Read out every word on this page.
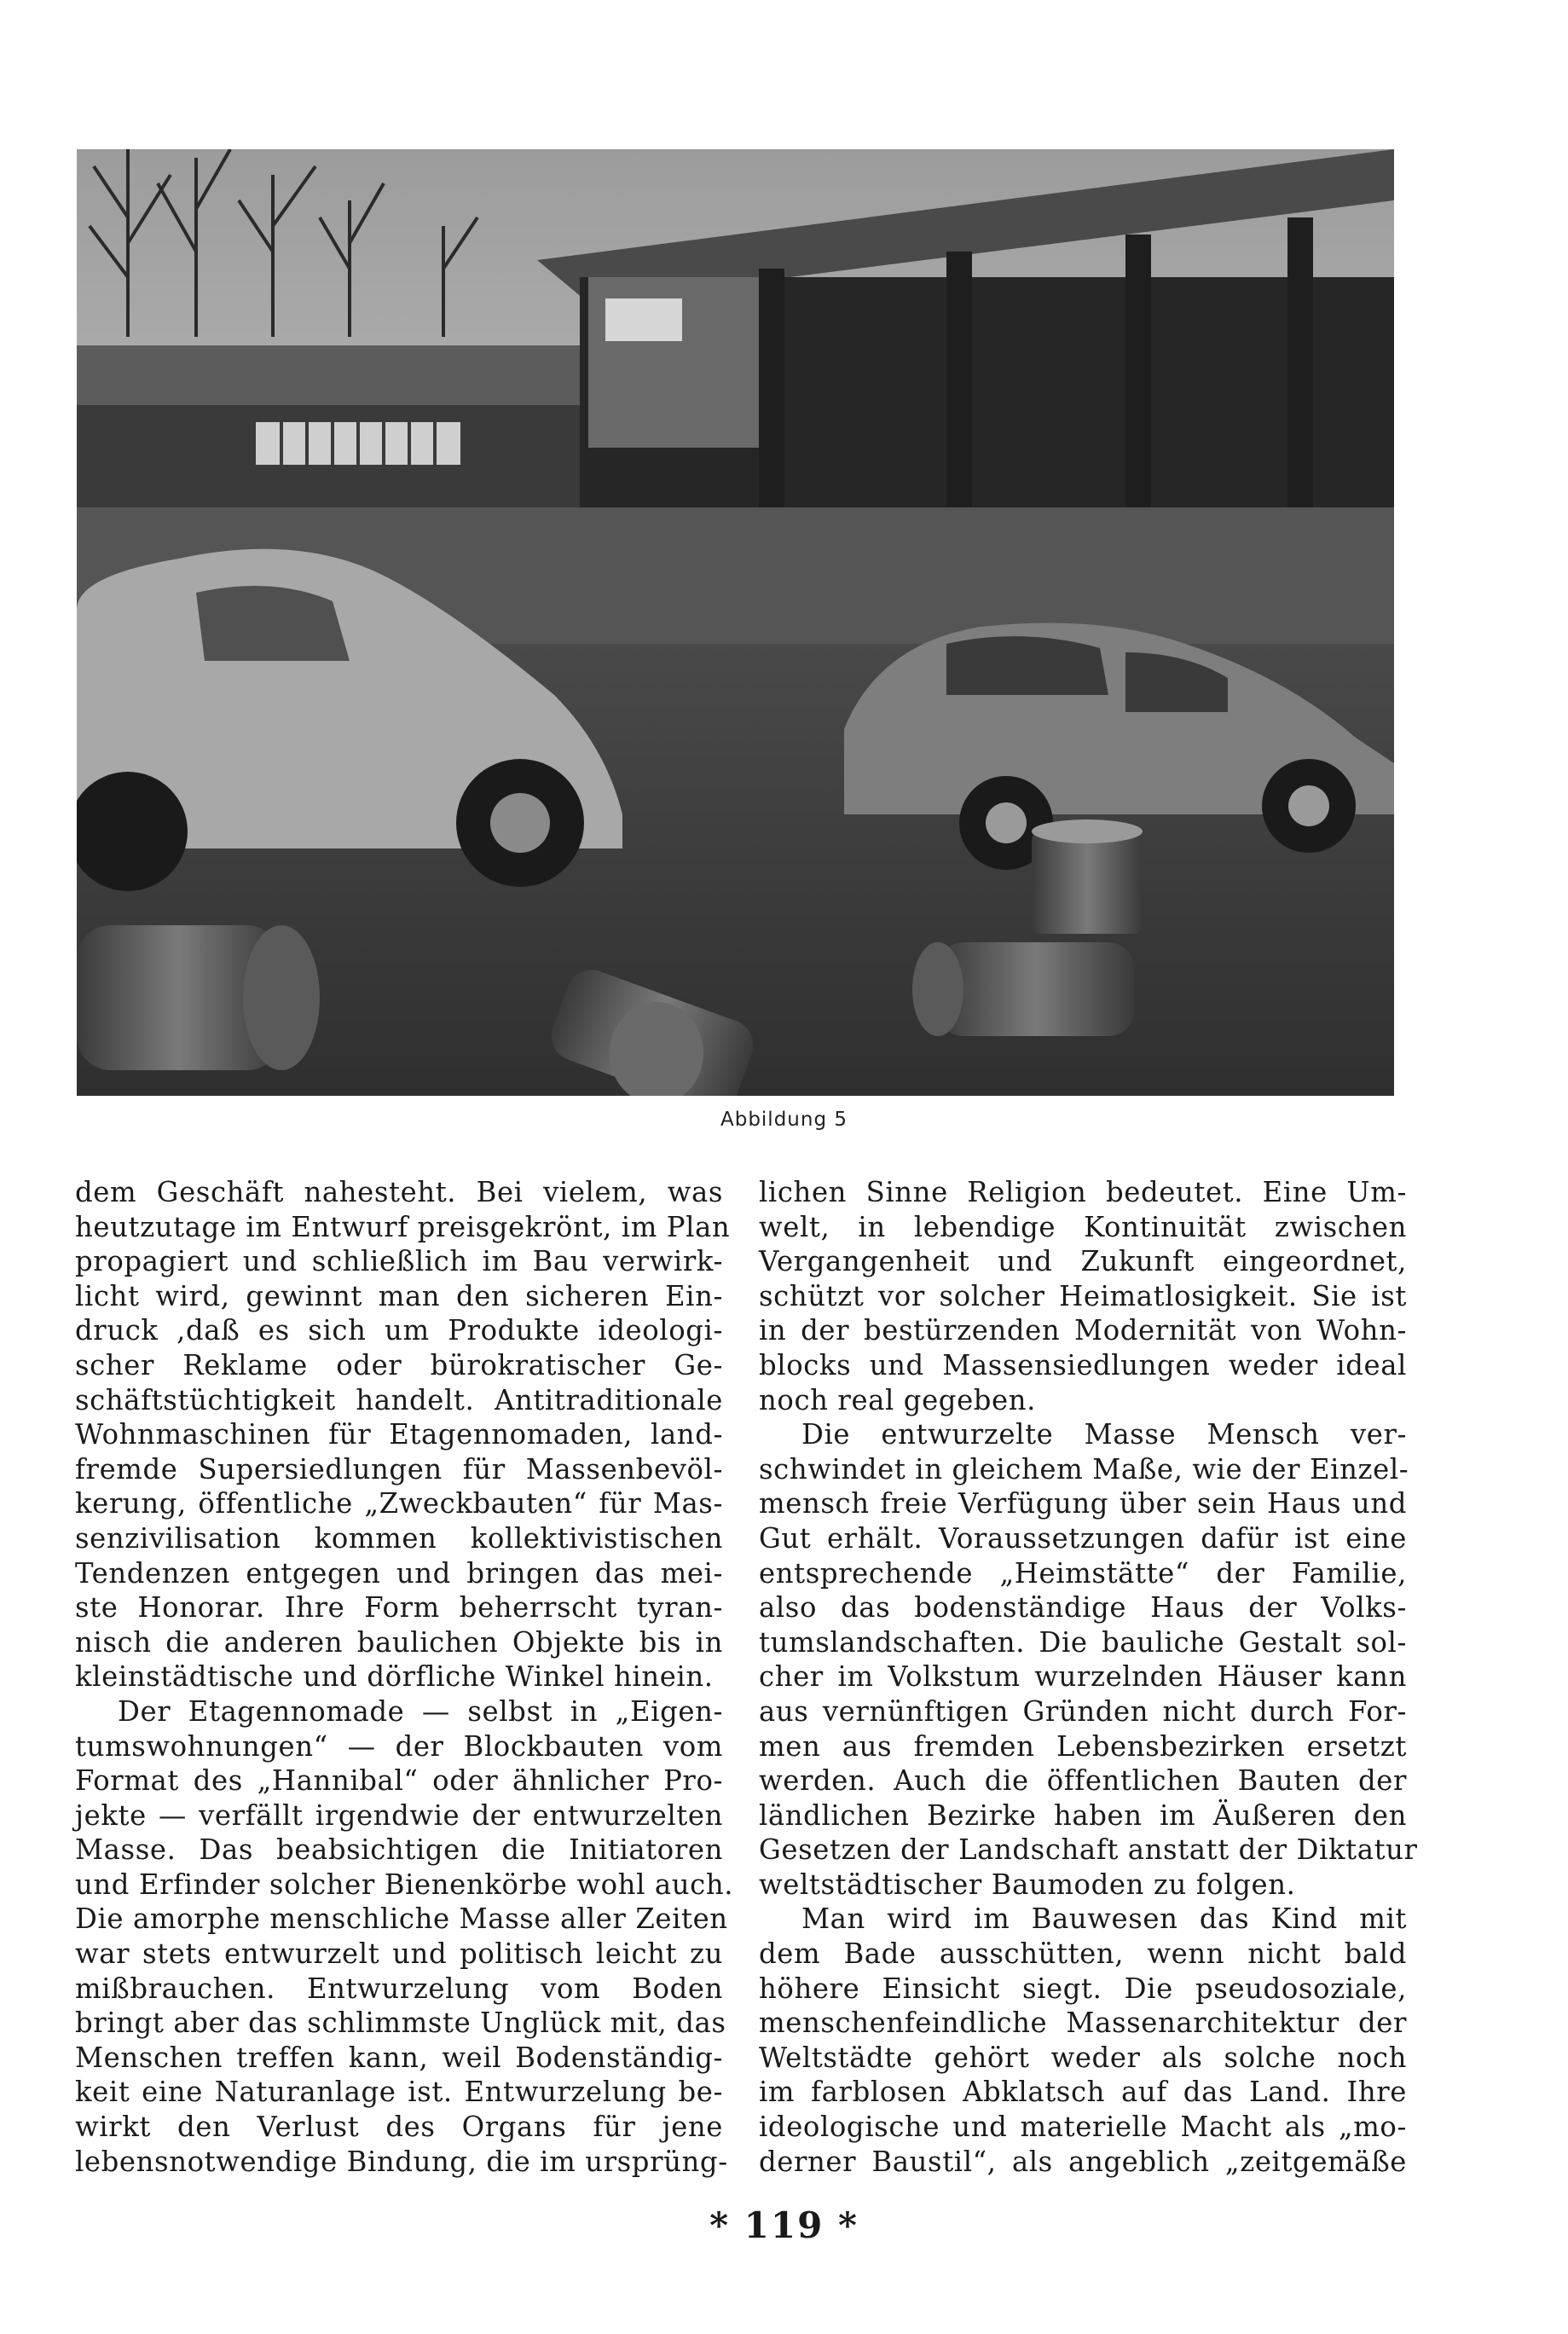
Abbildung 5
dem Geschäft nahesteht. Bei vielem, was
heutzutage im Entwurf preisgekrönt, im Plan
propagiert und schließlich im Bau verwirk-
licht wird, gewinnt man den sicheren Ein-
druck ,daß es sich um Produkte ideologi-
scher Reklame oder bürokratischer Ge-
schäftstüchtigkeit handelt. Antitraditionale
Wohnmaschinen für Etagennomaden, land-
fremde Supersiedlungen für Massenbevöl-
kerung, öffentliche „Zweckbauten“ für Mas-
senzivilisation kommen kollektivistischen
Tendenzen entgegen und bringen das mei-
ste Honorar. Ihre Form beherrscht tyran-
nisch die anderen baulichen Objekte bis in
kleinstädtische und dörfliche Winkel hinein.
Der Etagennomade — selbst in „Eigen-
tumswohnungen“ — der Blockbauten vom
Format des „Hannibal“ oder ähnlicher Pro-
jekte — verfällt irgendwie der entwurzelten
Masse. Das beabsichtigen die Initiatoren
und Erfinder solcher Bienenkörbe wohl auch.
Die amorphe menschliche Masse aller Zeiten
war stets entwurzelt und politisch leicht zu
mißbrauchen. Entwurzelung vom Boden
bringt aber das schlimmste Unglück mit, das
Menschen treffen kann, weil Bodenständig-
keit eine Naturanlage ist. Entwurzelung be-
wirkt den Verlust des Organs für jene
lebensnotwendige Bindung, die im ursprüng-
lichen Sinne Religion bedeutet. Eine Um-
welt, in lebendige Kontinuität zwischen
Vergangenheit und Zukunft eingeordnet,
schützt vor solcher Heimatlosigkeit. Sie ist
in der bestürzenden Modernität von Wohn-
blocks und Massensiedlungen weder ideal
noch real gegeben.
Die entwurzelte Masse Mensch ver-
schwindet in gleichem Maße, wie der Einzel-
mensch freie Verfügung über sein Haus und
Gut erhält. Voraussetzungen dafür ist eine
entsprechende „Heimstätte“ der Familie,
also das bodenständige Haus der Volks-
tumslandschaften. Die bauliche Gestalt sol-
cher im Volkstum wurzelnden Häuser kann
aus vernünftigen Gründen nicht durch For-
men aus fremden Lebensbezirken ersetzt
werden. Auch die öffentlichen Bauten der
ländlichen Bezirke haben im Äußeren den
Gesetzen der Landschaft anstatt der Diktatur
weltstädtischer Baumoden zu folgen.
Man wird im Bauwesen das Kind mit
dem Bade ausschütten, wenn nicht bald
höhere Einsicht siegt. Die pseudosoziale,
menschenfeindliche Massenarchitektur der
Weltstädte gehört weder als solche noch
im farblosen Abklatsch auf das Land. Ihre
ideologische und materielle Macht als „mo-
derner Baustil“, als angeblich „zeitgemäße
* 119 *
